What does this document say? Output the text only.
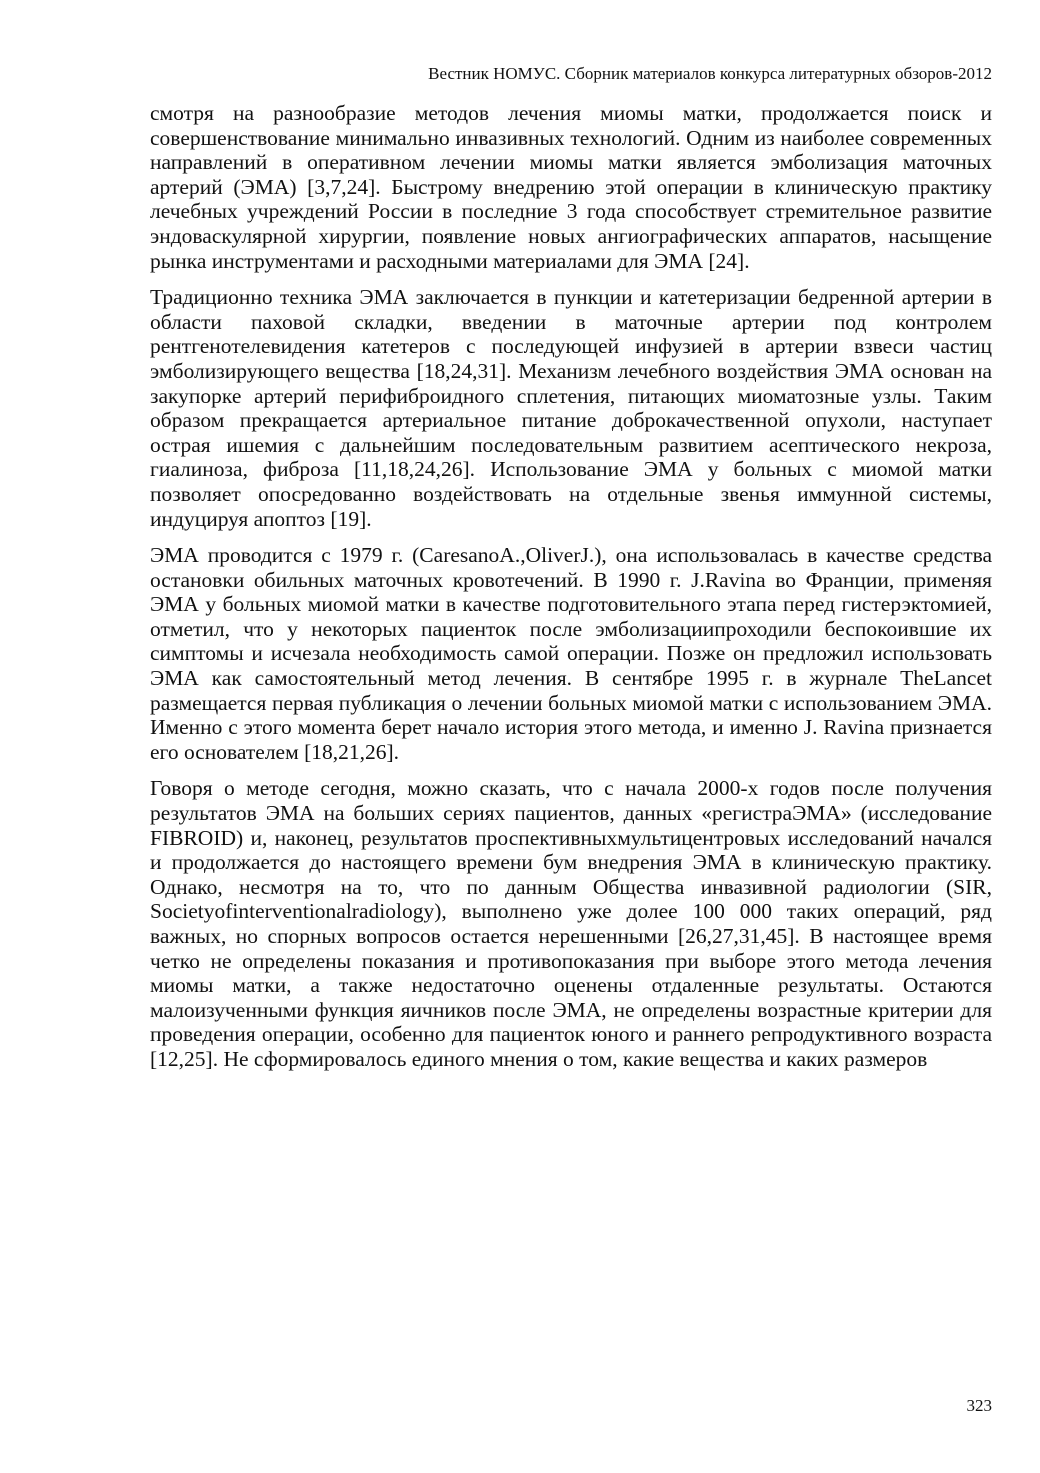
Вестник НОМУС. Сборник материалов конкурса литературных обзоров-2012

смотря на разнообразие методов лечения миомы матки, продолжается поиск и совершенствование минимально инвазивных технологий. Одним из наиболее современных направлений в оперативном лечении миомы матки является эмболизация маточных артерий (ЭМА) [3,7,24]. Быстрому внедрению этой операции в клиническую практику лечебных учреждений России в последние 3 года способствует стремительное развитие эндоваскулярной хирургии, появление новых ангиографических аппаратов, насыщение рынка инструментами и расходными материалами для ЭМА [24].

Традиционно техника ЭМА заключается в пункции и катетеризации бедренной артерии в области паховой складки, введении в маточные артерии под контролем рентгенотелевидения катетеров с последующей инфузией в артерии взвеси частиц эмболизирующего вещества [18,24,31]. Механизм лечебного воздействия ЭМА основан на закупорке артерий перифиброидного сплетения, питающих миоматозные узлы. Таким образом прекращается артериальное питание доброкачественной опухоли, наступает острая ишемия с дальнейшим последовательным развитием асептического некроза, гиалиноза, фиброза [11,18,24,26]. Использование ЭМА у больных с миомой матки позволяет опосредованно воздействовать на отдельные звенья иммунной системы, индуцируя апоптоз [19].

ЭМА проводится с 1979 г. (CaresanoA.,OliverJ.), она использовалась в качестве средства остановки обильных маточных кровотечений. В 1990 г. J.Ravina во Франции, применяя ЭМА у больных миомой матки в качестве подготовительного этапа перед гистерэктомией, отметил, что у некоторых пациенток после эмболизациипроходили беспокоившие их симптомы и исчезала необходимость самой операции. Позже он предложил использовать ЭМА как самостоятельный метод лечения. В сентябре 1995 г. в журнале TheLancet размещается первая публикация о лечении больных миомой матки с использованием ЭМА. Именно с этого момента берет начало история этого метода, и именно J. Ravina признается его основателем [18,21,26].

Говоря о методе сегодня, можно сказать, что с начала 2000-х годов после получения результатов ЭМА на больших сериях пациентов, данных «регистраЭМА» (исследование FIBROID) и, наконец, результатов проспективныхмультицентровых исследований начался и продолжается до настоящего времени бум внедрения ЭМА в клиническую практику. Однако, несмотря на то, что по данным Общества инвазивной радиологии (SIR, Societyofinterventionalradiology), выполнено уже долее 100 000 таких операций, ряд важных, но спорных вопросов остается нерешенными [26,27,31,45]. В настоящее время четко не определены показания и противопоказания при выборе этого метода лечения миомы матки, а также недостаточно оценены отдаленные результаты. Остаются малоизученными функция яичников после ЭМА, не определены возрастные критерии для проведения операции, особенно для пациенток юного и раннего репродуктивного возраста [12,25]. Не сформировалось единого мнения о том, какие вещества и каких размеров

323
